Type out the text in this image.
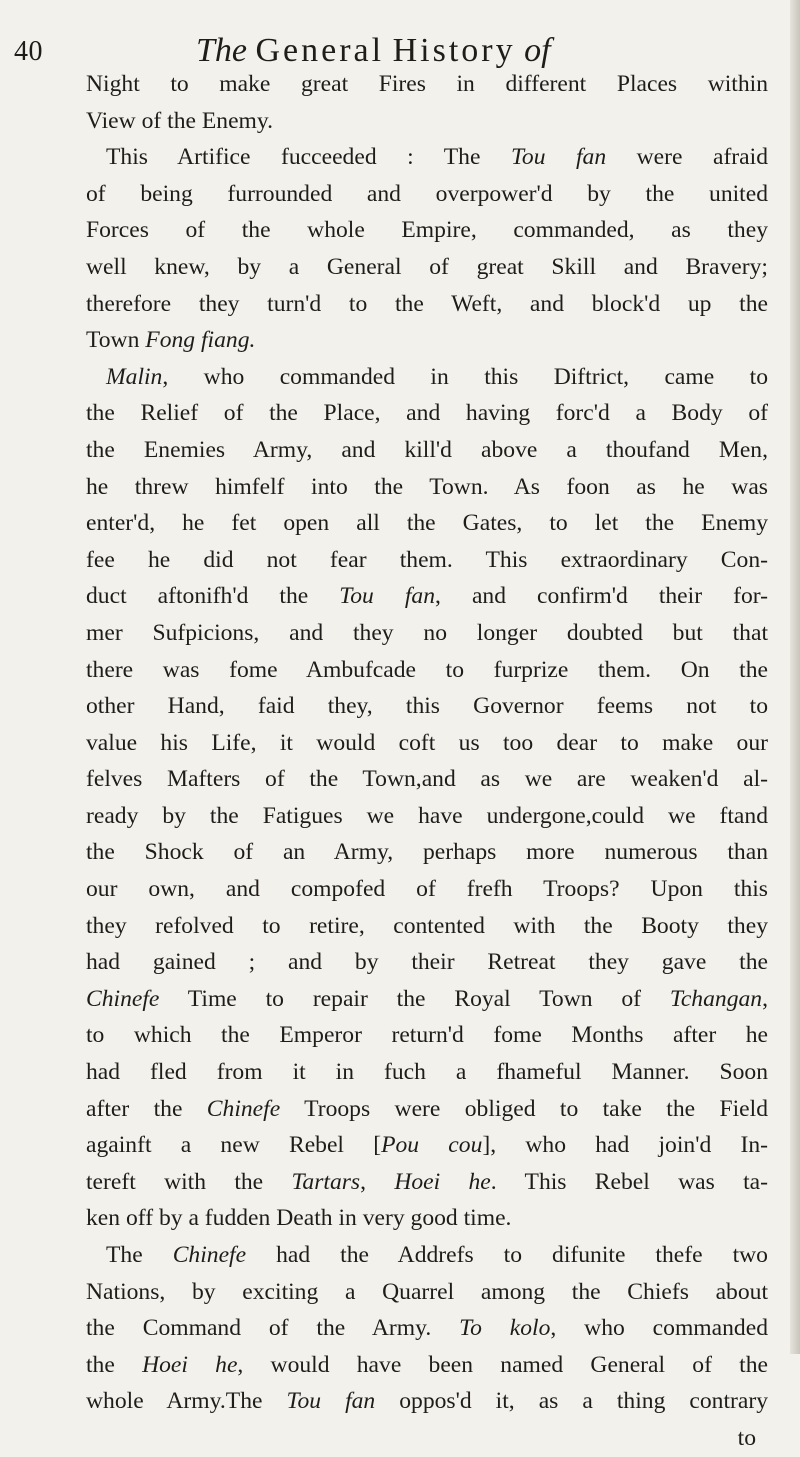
40	The General History of
Night to make great Fires in different Places within
View of the Enemy.
This Artifice fucceeded : The Tou fan were afraid
of being furrounded and overpower'd by the united
Forces of the whole Empire, commanded, as they
well knew, by a General of great Skill and Bravery;
therefore they turn'd to the Weft, and block'd up the
Town Fong fiang.
Malin, who commanded in this Diftrict, came to
the Relief of the Place, and having forc'd a Body of
the Enemies Army, and kill'd above a thoufand Men,
he threw himfelf into the Town. As foon as he was
enter'd, he fet open all the Gates, to let the Enemy
fee he did not fear them. This extraordinary Con-
duct aftonifh'd the Tou fan, and confirm'd their for-
mer Sufpicions, and they no longer doubted but that
there was fome Ambufcade to furprize them. On the
other Hand, faid they, this Governor feems not to
value his Life, it would coft us too dear to make our
felves Mafters of the Town,and as we are weaken'd al-
ready by the Fatigues we have undergone,could we ftand
the Shock of an Army, perhaps more numerous than
our own, and compofed of frefh Troops? Upon this
they refolved to retire, contented with the Booty they
had gained ; and by their Retreat they gave the
Chinefe Time to repair the Royal Town of Tchangan,
to which the Emperor return'd fome Months after he
had fled from it in fuch a fhameful Manner. Soon
after the Chinefe Troops were obliged to take the Field
againft a new Rebel [Pou cou], who had join'd In-
tereft with the Tartars, Hoei he. This Rebel was ta-
ken off by a fudden Death in very good time.
The Chinefe had the Addrefs to difunite thefe two
Nations, by exciting a Quarrel among the Chiefs about
the Command of the Army. To kolo, who commanded
the Hoei he, would have been named General of the
whole Army.The Tou fan oppos'd it, as a thing contrary
to
